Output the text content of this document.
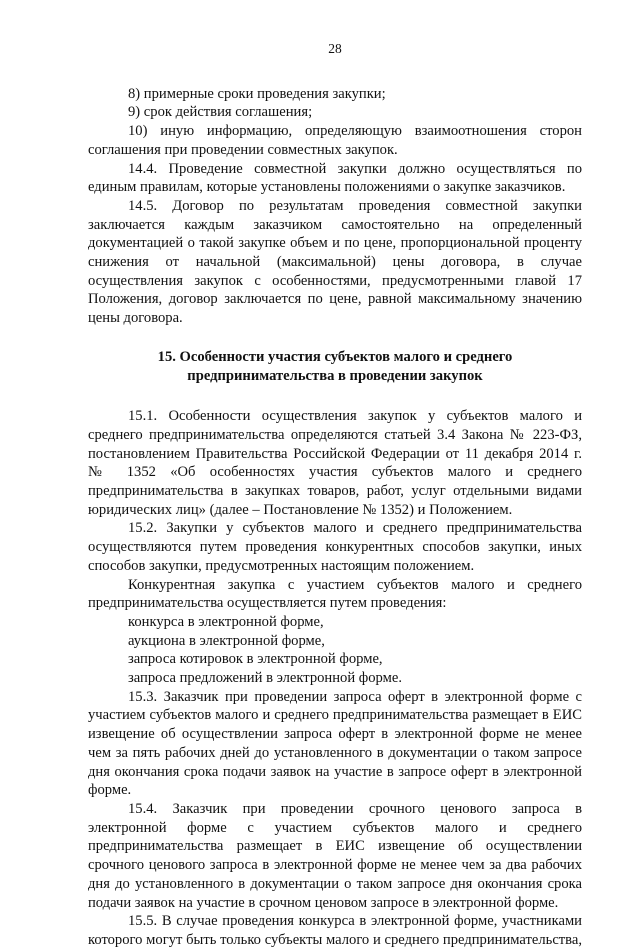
28

8) примерные сроки проведения закупки;

9) срок действия соглашения;

10) иную информацию, определяющую взаимоотношения сторон соглашения при проведении совместных закупок.

14.4. Проведение совместной закупки должно осуществляться по единым правилам, которые установлены положениями о закупке заказчиков.

14.5. Договор по результатам проведения совместной закупки заключается каждым заказчиком самостоятельно на определенный документацией о такой закупке объем и по цене, пропорциональной проценту снижения от начальной (максимальной) цены договора, в случае осуществления закупок с особенностями, предусмотренными главой 17 Положения, договор заключается по цене, равной максимальному значению цены договора.

15. Особенности участия субъектов малого и среднего
предпринимательства в проведении закупок

15.1. Особенности осуществления закупок у субъектов малого и среднего предпринимательства определяются статьей 3.4 Закона № 223-ФЗ, постановлением Правительства Российской Федерации от 11 декабря 2014 г. № 1352 «Об особенностях участия субъектов малого и среднего предпринимательства в закупках товаров, работ, услуг отдельными видами юридических лиц» (далее – Постановление № 1352) и Положением.

15.2. Закупки у субъектов малого и среднего предпринимательства осуществляются путем проведения конкурентных способов закупки, иных способов закупки, предусмотренных настоящим положением.

Конкурентная закупка с участием субъектов малого и среднего предпринимательства осуществляется путем проведения:

конкурса в электронной форме,

аукциона в электронной форме,

запроса котировок в электронной форме,

запроса предложений в электронной форме.

15.3. Заказчик при проведении запроса оферт в электронной форме с участием субъектов малого и среднего предпринимательства размещает в ЕИС извещение об осуществлении запроса оферт в электронной форме не менее чем за пять рабочих дней до установленного в документации о таком запросе дня окончания срока подачи заявок на участие в запросе оферт в электронной форме.

15.4. Заказчик при проведении срочного ценового запроса в электронной форме с участием субъектов малого и среднего предпринимательства размещает в ЕИС извещение об осуществлении срочного ценового запроса в электронной форме не менее чем за два рабочих дня до установленного в документации о таком запросе дня окончания срока подачи заявок на участие в срочном ценовом запросе в электронной форме.

15.5. В случае проведения конкурса в электронной форме, участниками которого могут быть только субъекты малого и среднего предпринимательства,
